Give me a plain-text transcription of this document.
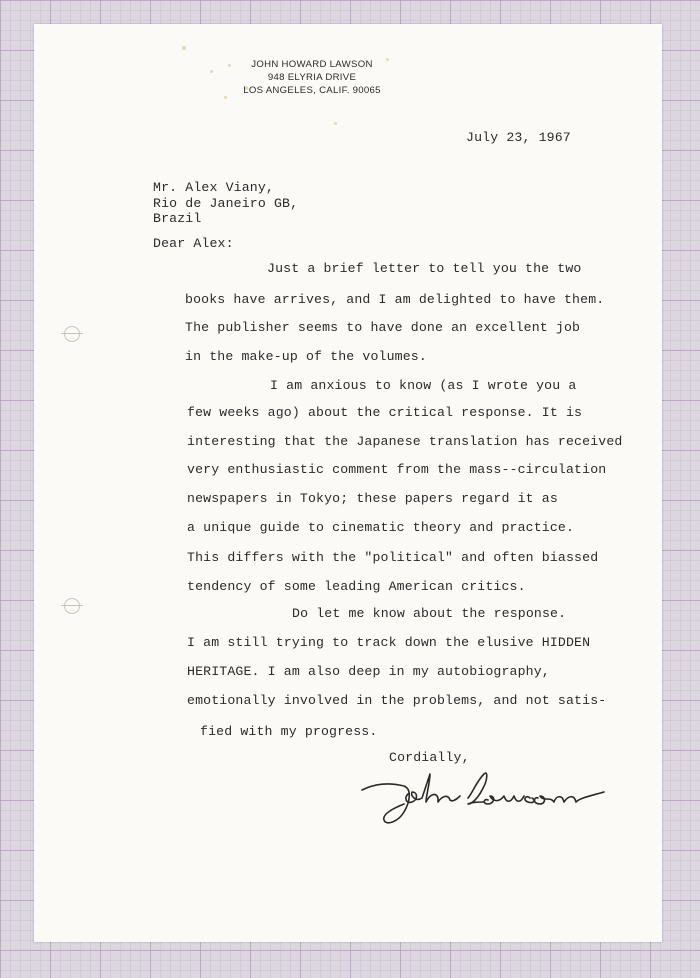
JOHN HOWARD LAWSON
948 ELYRIA DRIVE
LOS ANGELES, CALIF. 90065
July 23, 1967
Mr. Alex Viany,
Rio de Janeiro GB,
Brazil
Dear Alex:
Just a brief letter to tell you the two
books have arrives, and I am delighted to have them.
The publisher seems to have done an excellent job
in the make-up of the volumes.
I am anxious to know (as I wrote you a
few weeks ago) about the critical response. It is
interesting that the Japanese translation has received
very enthusiastic comment from the mass--circulation
newspapers in Tokyo; these papers regard it as
a unique guide to cinematic theory and practice.
This differs with the "political" and often biassed
tendency of some leading American critics.
Do let me know about the response.
I am still trying to track down the elusive HIDDEN
HERITAGE. I am also deep in my autobiography,
emotionally involved in the problems, and not satis-
fied with my progress.
Cordially,
